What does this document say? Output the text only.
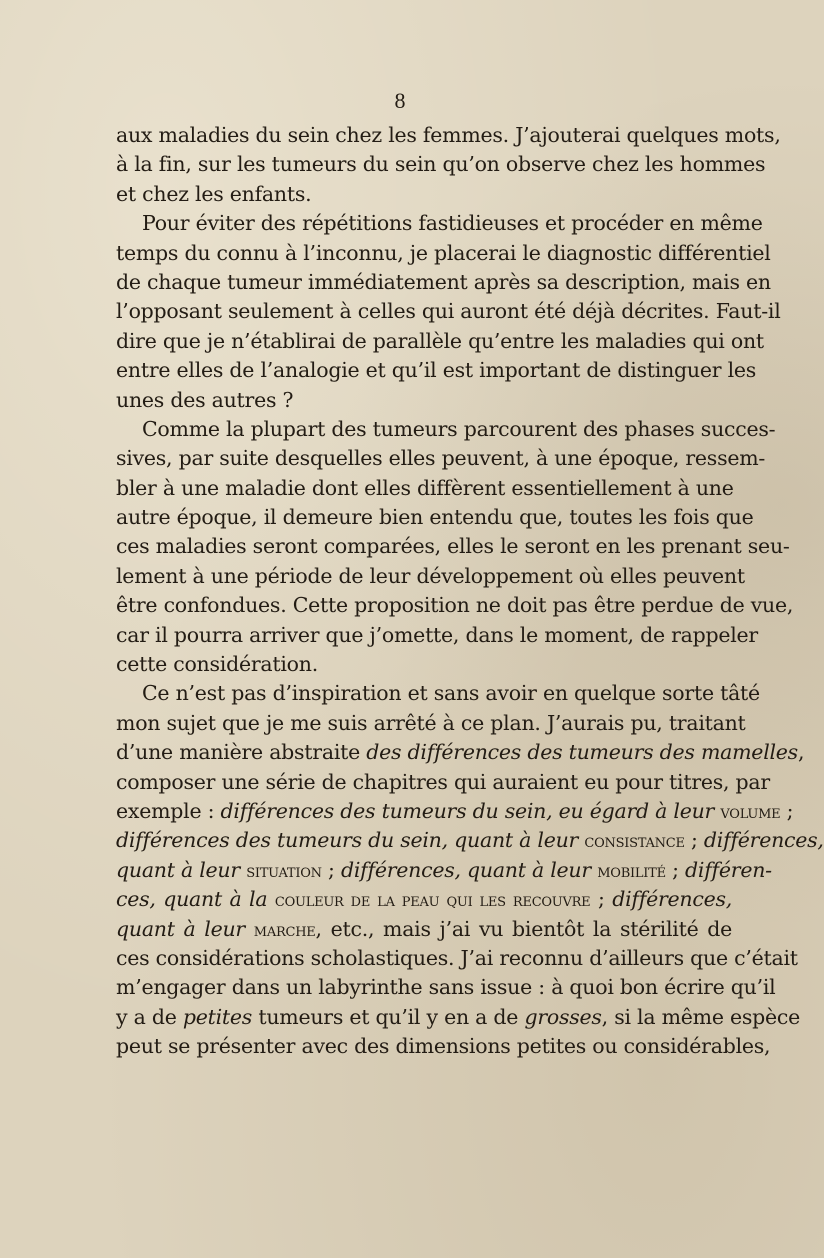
8
aux maladies du sein chez les femmes. J’ajouterai quelques mots,
à la fin, sur les tumeurs du sein qu’on observe chez les hommes
et chez les enfants.
Pour éviter des répétitions fastidieuses et procéder en même
temps du connu à l’inconnu, je placerai le diagnostic différentiel
de chaque tumeur immédiatement après sa description, mais en
l’opposant seulement à celles qui auront été déjà décrites. Faut-il
dire que je n’établirai de parallèle qu’entre les maladies qui ont
entre elles de l’analogie et qu’il est important de distinguer les
unes des autres ?
Comme la plupart des tumeurs parcourent des phases succes-
sives, par suite desquelles elles peuvent, à une époque, ressem-
bler à une maladie dont elles diffèrent essentiellement à une
autre époque, il demeure bien entendu que, toutes les fois que
ces maladies seront comparées, elles le seront en les prenant seu-
lement à une période de leur développement où elles peuvent
être confondues. Cette proposition ne doit pas être perdue de vue,
car il pourra arriver que j’omette, dans le moment, de rappeler
cette considération.
Ce n’est pas d’inspiration et sans avoir en quelque sorte tâté
mon sujet que je me suis arrêté à ce plan. J’aurais pu, traitant
d’une manière abstraite des différences des tumeurs des mamelles,
composer une série de chapitres qui auraient eu pour titres, par
exemple : différences des tumeurs du sein, eu égard à leur volume ;
différences des tumeurs du sein, quant à leur consistance ; différences,
quant à leur situation ; différences, quant à leur mobilité ; différen-
ces, quant à la couleur de la peau qui les recouvre ; différences,
quant à leur marche, etc., mais j’ai vu bientôt la stérilité de
ces considérations scholastiques. J’ai reconnu d’ailleurs que c’était
m’engager dans un labyrinthe sans issue : à quoi bon écrire qu’il
y a de petites tumeurs et qu’il y en a de grosses, si la même espèce
peut se présenter avec des dimensions petites ou considérables,
